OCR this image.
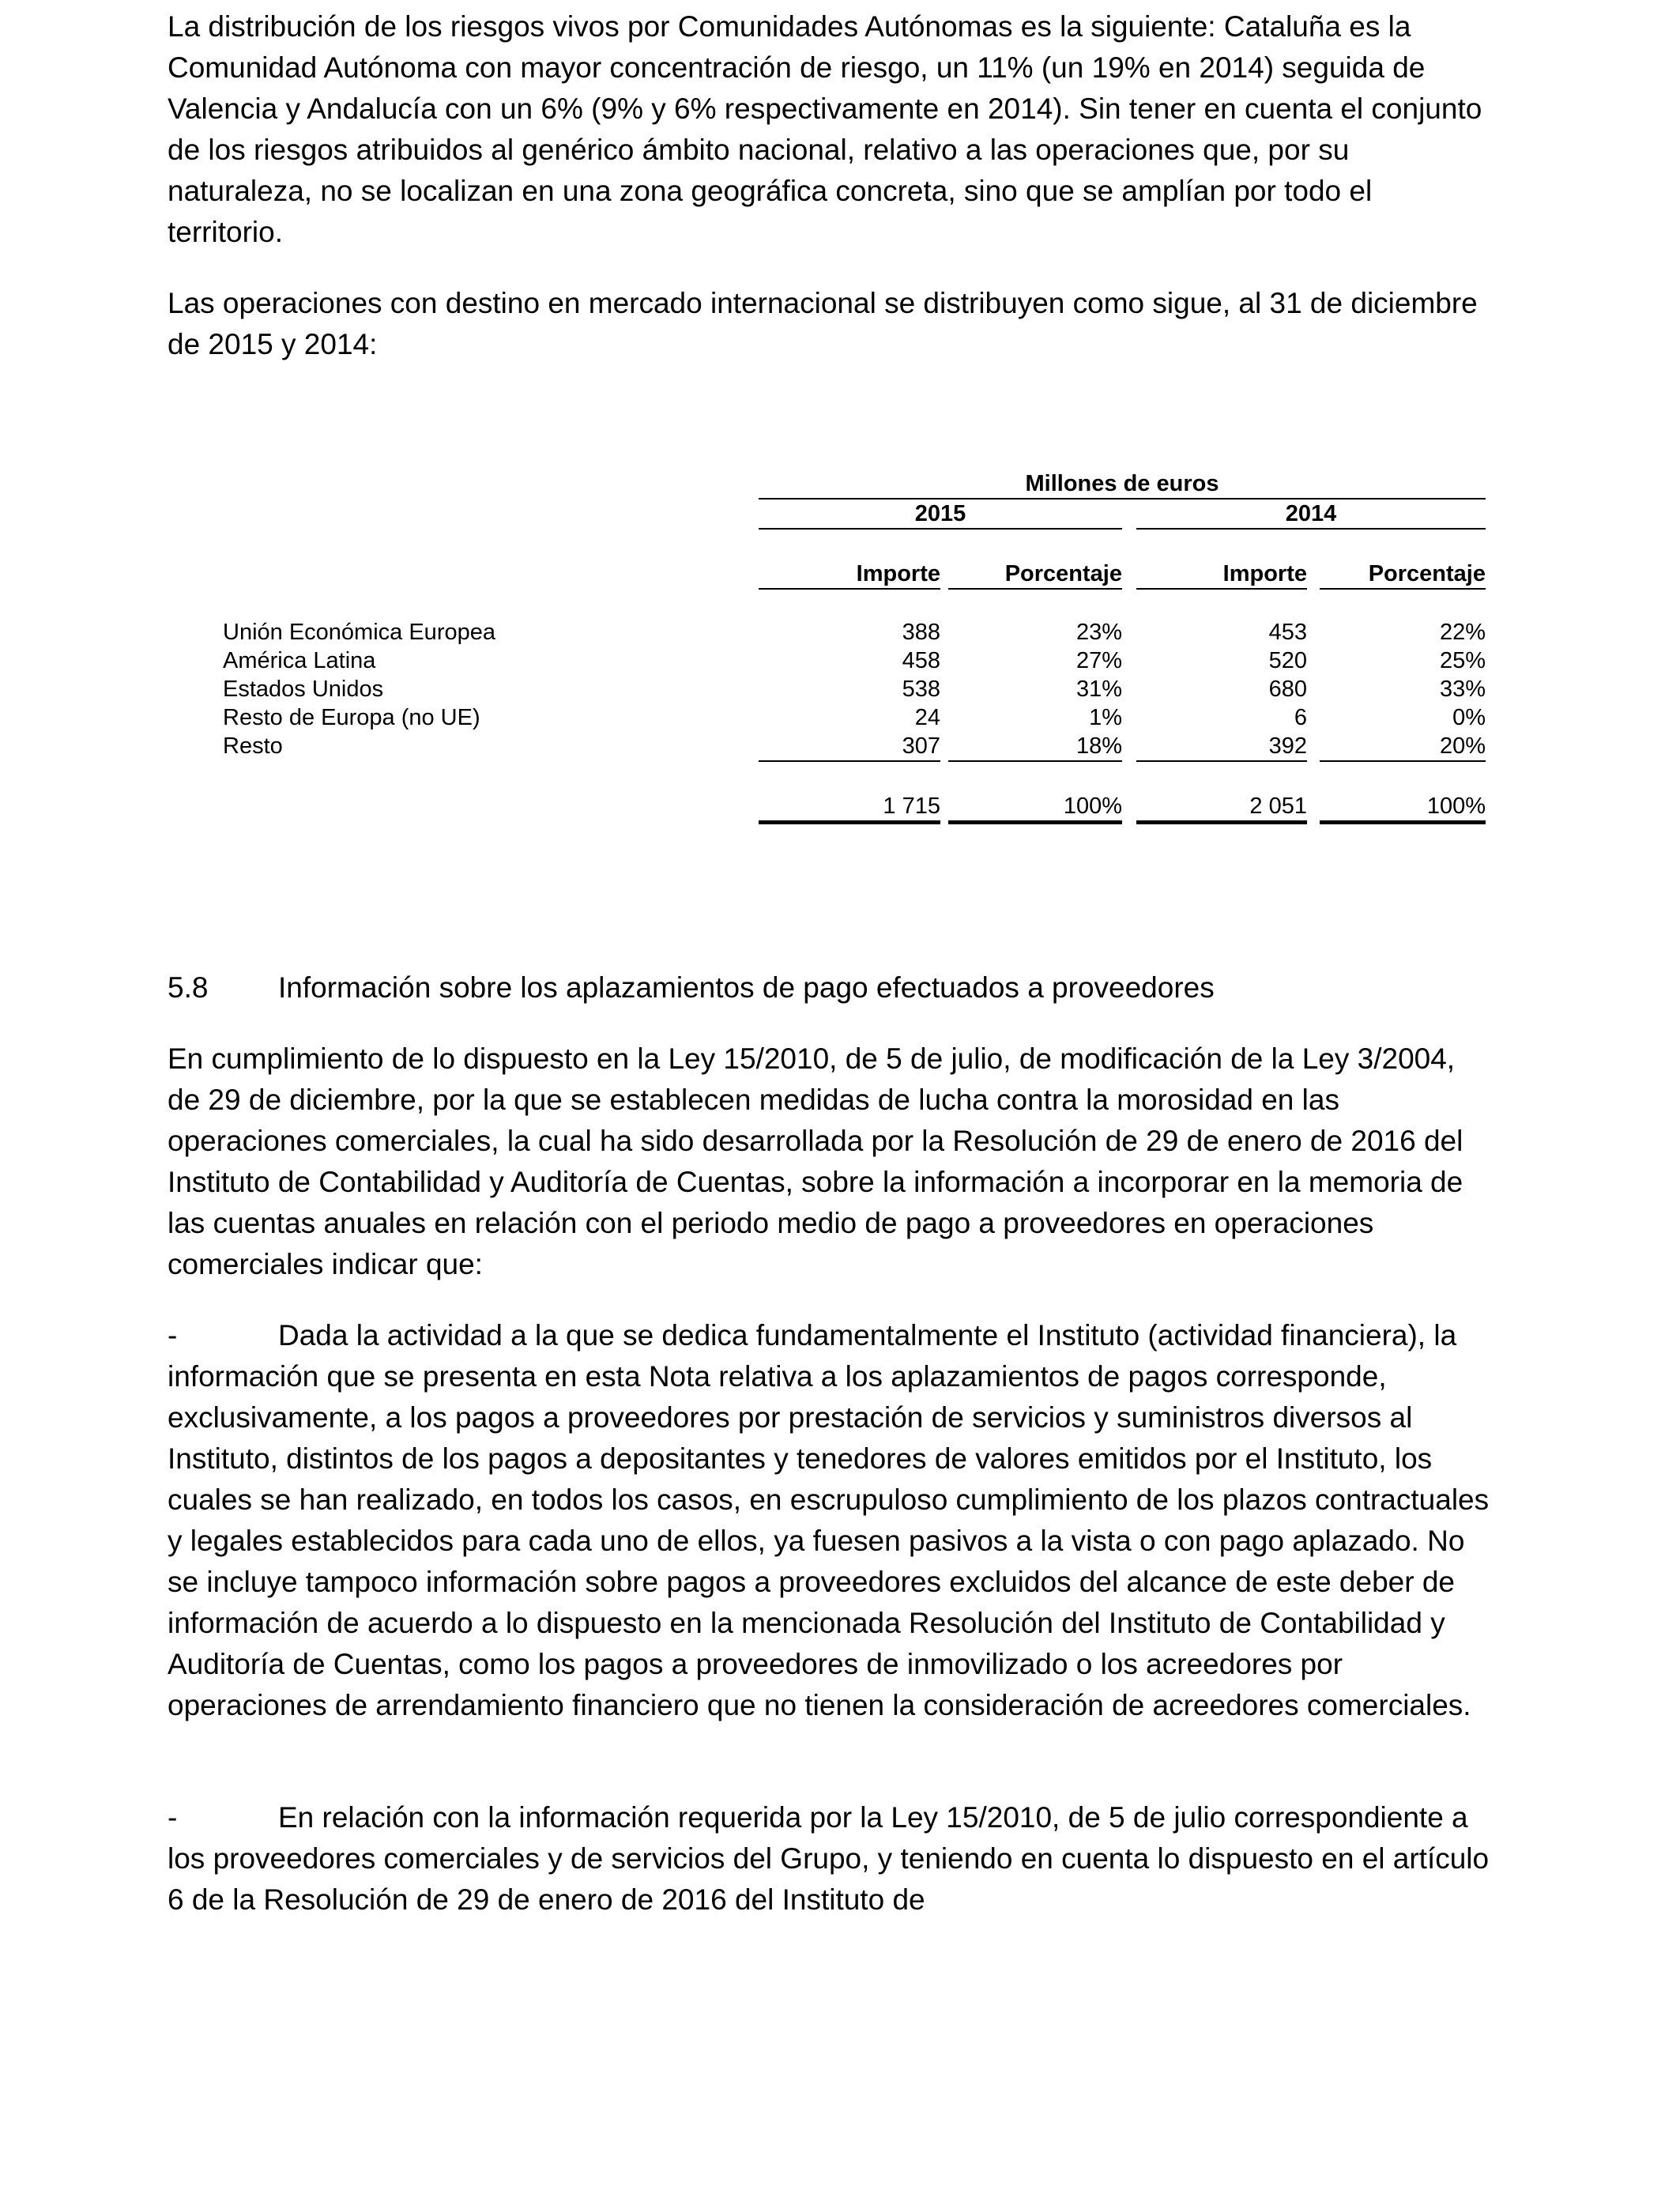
La distribución de los riesgos vivos por Comunidades Autónomas es la siguiente: Cataluña es la Comunidad Autónoma con mayor concentración de riesgo, un 11% (un 19% en 2014) seguida de Valencia y Andalucía con un 6% (9% y 6% respectivamente en 2014). Sin tener en cuenta el conjunto de los riesgos atribuidos al genérico ámbito nacional, relativo a las operaciones que, por su naturaleza, no se localizan en una zona geográfica concreta, sino que se amplían por todo el territorio.

Las operaciones con destino en mercado internacional se distribuyen como sigue, al 31 de diciembre de 2015 y 2014:

Millones de euros
2015	2014
Importe	Porcentaje	Importe	Porcentaje
Unión Económica Europea	388	23%	453	22%
América Latina	458	27%	520	25%
Estados Unidos	538	31%	680	33%
Resto de Europa (no UE)	24	1%	6	0%
Resto	307	18%	392	20%
1 715	100%	2 051	100%
5.8 Información sobre los aplazamientos de pago efectuados a proveedores

En cumplimiento de lo dispuesto en la Ley 15/2010, de 5 de julio, de modificación de la Ley 3/2004, de 29 de diciembre, por la que se establecen medidas de lucha contra la morosidad en las operaciones comerciales, la cual ha sido desarrollada por la Resolución de 29 de enero de 2016 del Instituto de Contabilidad y Auditoría de Cuentas, sobre la información a incorporar en la memoria de las cuentas anuales en relación con el periodo medio de pago a proveedores en operaciones comerciales indicar que:

-	Dada la actividad a la que se dedica fundamentalmente el Instituto (actividad financiera), la información que se presenta en esta Nota relativa a los aplazamientos de pagos corresponde, exclusivamente, a los pagos a proveedores por prestación de servicios y suministros diversos al Instituto, distintos de los pagos a depositantes y tenedores de valores emitidos por el Instituto, los cuales se han realizado, en todos los casos, en escrupuloso cumplimiento de los plazos contractuales y legales establecidos para cada uno de ellos, ya fuesen pasivos a la vista o con pago aplazado. No se incluye tampoco información sobre pagos a proveedores excluidos del alcance de este deber de información de acuerdo a lo dispuesto en la mencionada Resolución del Instituto de Contabilidad y Auditoría de Cuentas, como los pagos a proveedores de inmovilizado o los acreedores por operaciones de arrendamiento financiero que no tienen la consideración de acreedores comerciales.

-	En relación con la información requerida por la Ley 15/2010, de 5 de julio correspondiente a los proveedores comerciales y de servicios del Grupo, y teniendo en cuenta lo dispuesto en el artículo 6 de la Resolución de 29 de enero de 2016 del Instituto de
